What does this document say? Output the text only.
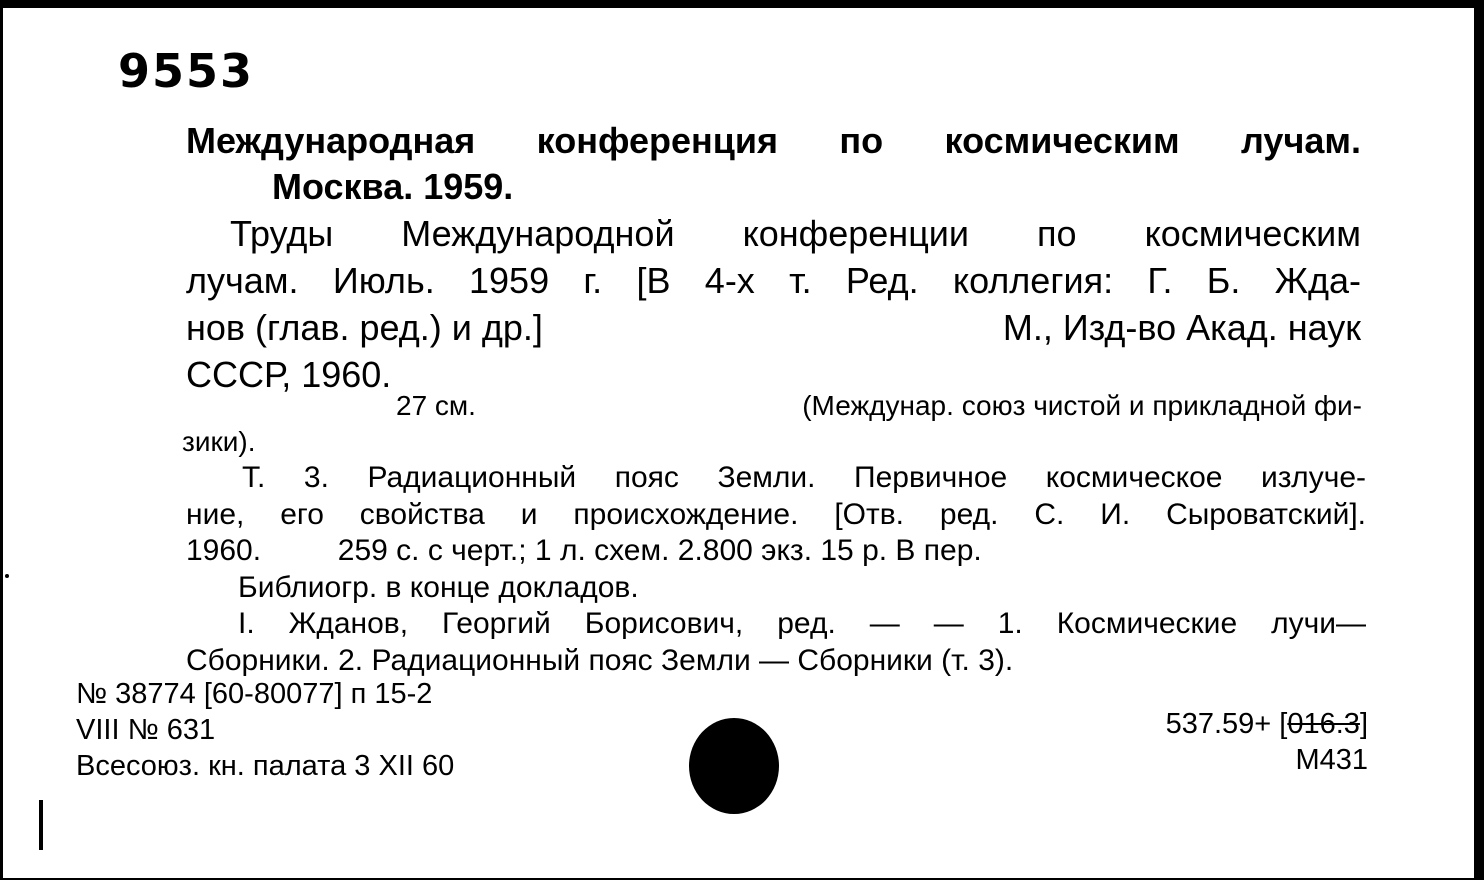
9553
Международная конференция по космическим лучам.
Москва. 1959.
Труды Международной конференции по космическим
лучам. Июль. 1959 г. [В 4-х т. Ред. коллегия: Г. Б. Жда-
нов (глав. ред.) и др.]	М., Изд-во Акад. наук
СССР, 1960.
27 см.	(Междунар. союз чистой и прикладной фи-
зики).
Т. 3. Радиационный пояс Земли. Первичное космическое излуче-
ние, его свойства и происхождение. [Отв. ред. С. И. Сыроватский].
1960.	259 с. с черт.; 1 л. схем. 2.800 экз. 15 р. В пер.
Библиогр. в конце докладов.
I. Жданов, Георгий Борисович, ред. — — 1. Космические лучи—
Сборники. 2. Радиационный пояс Земли — Сборники (т. 3).
№ 38774 [60-80077] п 15-2
VIII № 631
Всесоюз. кн. палата 3 XII 60
537.59+ [016.3]
М431
